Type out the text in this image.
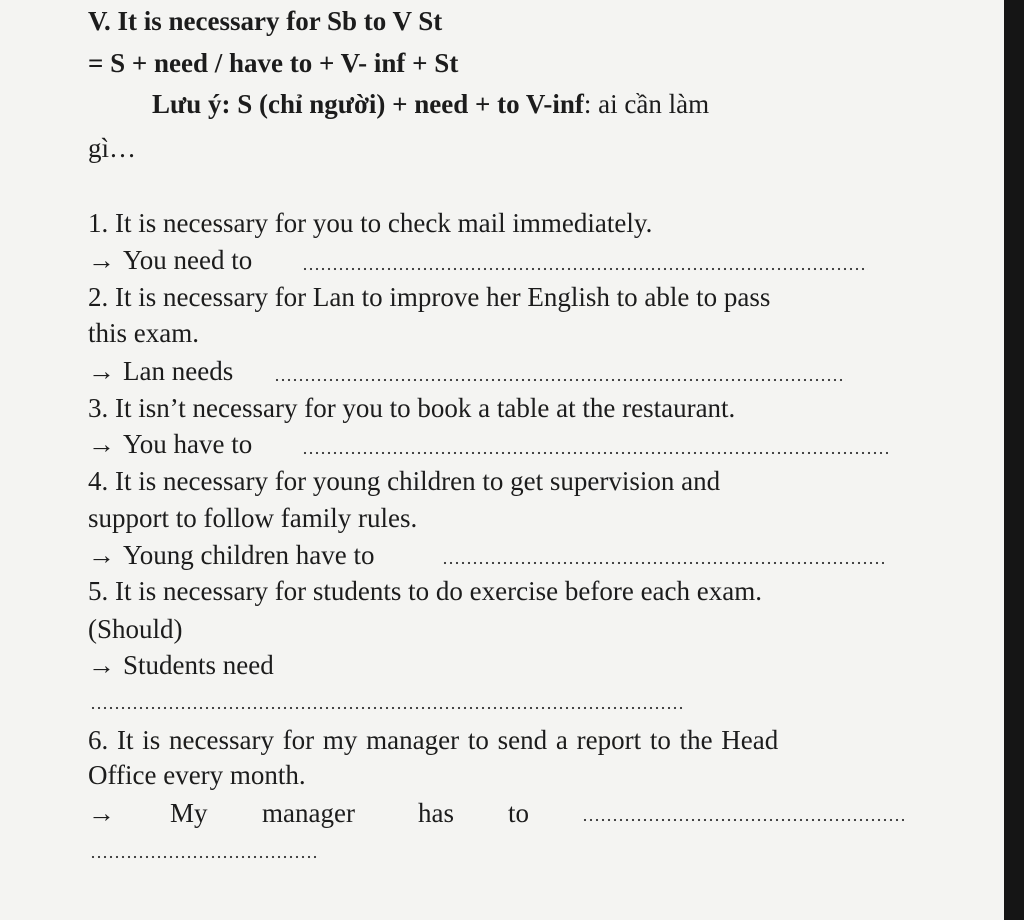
V. It is necessary for Sb to V St
= S + need / have to + V- inf + St
Lưu ý: S (chỉ người) + need + to V-inf: ai cần làm
gì…
1. It is necessary for you to check mail immediately.
→ You need to
2. It is necessary for Lan to improve her English to able to pass
this exam.
→ Lan needs
3. It isn’t necessary for you to book a table at the restaurant.
→ You have to
4. It is necessary for young children to get supervision and
support to follow family rules.
→ Young children have to
5. It is necessary for students to do exercise before each exam.
(Should)
→ Students need
6. It is necessary for my manager to send a report to the Head
Office every month.
→ My manager has to
